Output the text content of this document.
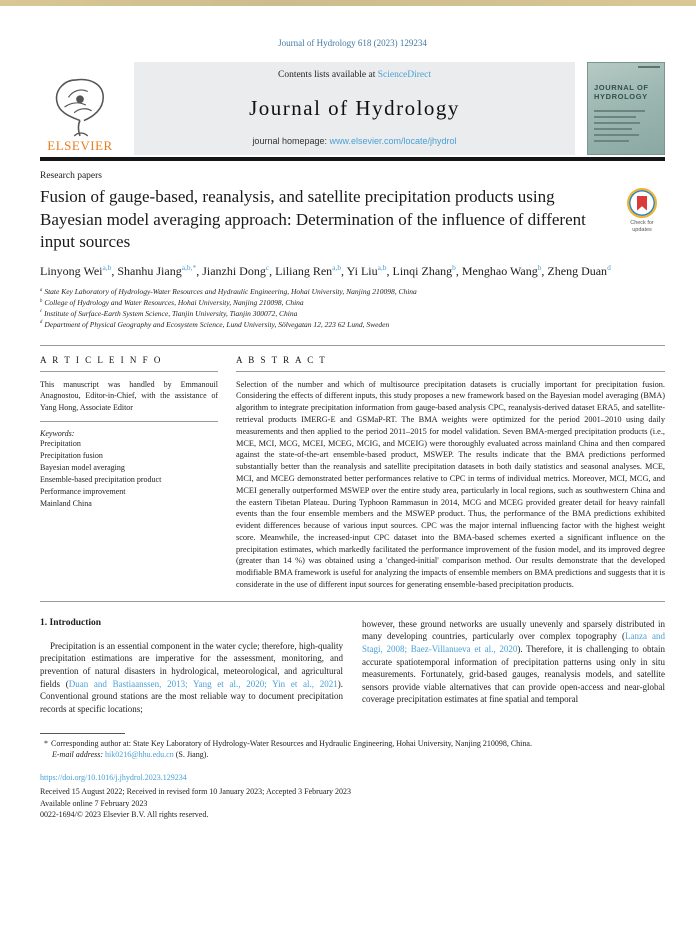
Journal of Hydrology 618 (2023) 129234
ELSEVIER
Contents lists available at ScienceDirect
Journal of Hydrology
journal homepage: www.elsevier.com/locate/jhydrol
JOURNAL OF
HYDROLOGY
Research papers
Fusion of gauge-based, reanalysis, and satellite precipitation products using Bayesian model averaging approach: Determination of the influence of different input sources
Check for
updates
Linyong Wei$^{a,b}$, Shanhu Jiang$^{a,b,*}$, Jianzhi Dong$^c$, Liliang Ren$^{a,b}$, Yi Liu$^{a,b}$, Linqi Zhang$^b$, Menghao Wang$^b$, Zheng Duan$^d$
$^a$ State Key Laboratory of Hydrology-Water Resources and Hydraulic Engineering, Hohai University, Nanjing 210098, China
$^b$ College of Hydrology and Water Resources, Hohai University, Nanjing 210098, China
$^c$ Institute of Surface-Earth System Science, Tianjin University, Tianjin 300072, China
$^d$ Department of Physical Geography and Ecosystem Science, Lund University, Sölvegatan 12, 223 62 Lund, Sweden
A R T I C L E I N F O
This manuscript was handled by Emmanouil Anagnostou, Editor-in-Chief, with the assistance of Yang Hong, Associate Editor
Keywords:
Precipitation
Precipitation fusion
Bayesian model averaging
Ensemble-based precipitation product
Performance improvement
Mainland China
A B S T R A C T
Selection of the number and which of multisource precipitation datasets is crucially important for precipitation fusion. Considering the effects of different inputs, this study proposes a new framework based on the Bayesian model averaging (BMA) algorithm to integrate precipitation information from gauge-based analysis CPC, reanalysis-derived dataset ERA5, and satellite-retrieval products IMERG-E and GSMaP-RT. The BMA weights were optimized for the period 2001–2010 using daily measurements and then applied to the period 2011–2015 for model validation. Seven BMA-merged precipitation products (i.e., MCE, MCI, MCG, MCEI, MCEG, MCIG, and MCEIG) were thoroughly evaluated across mainland China and then compared against the state-of-the-art ensemble-based product, MSWEP. The results indicate that the BMA predictions performed substantially better than the reanalysis and satellite precipitation datasets in both daily statistics and seasonal analyses. MCE, MCI, and MCEG demonstrated better performances relative to CPC in terms of individual metrics. Moreover, MCI, MCG, and MCEI generally outperformed MSWEP over the entire study area, particularly in local regions, such as southwestern China and the eastern Tibetan Plateau. During Typhoon Rammasun in 2014, MCG and MCEG provided greater detail for heavy rainfall events than the four ensemble members and the MSWEP product. Thus, the performance of the BMA predictions exhibited evident differences because of various input sources. CPC was the major internal influencing factor with the highest weight score. Meanwhile, the increased-input CPC dataset into the BMA-based schemes exerted a significant influence on the precipitation estimates, which markedly facilitated the performance improvement of the fusion model, and its improved degree (greater than 14 %) was obtained using a 'changed-initial' comparison method. Our results demonstrate that the developed modifiable BMA framework is useful for analyzing the impacts of ensemble members on BMA predictions and suggests that it is considerate in the use of different input sources for generating ensemble-based precipitation products.
1. Introduction

Precipitation is an essential component in the water cycle; therefore, high-quality precipitation estimations are imperative for the assessment, monitoring, and prevention of natural disasters in hydrological, meteorological, and agricultural fields (Duan and Bastiaanssen, 2013; Yang et al., 2020; Yin et al., 2021). Conventional ground stations are the most reliable way to document precipitation records at specific locations;

however, these ground networks are usually unevenly and sparsely distributed in many developing countries, particularly over complex topography (Lanza and Stagi, 2008; Baez-Villanueva et al., 2020). Therefore, it is challenging to obtain accurate spatiotemporal information of precipitation patterns using only in situ measurements. Fortunately, grid-based gauges, reanalysis models, and satellite sensors provide viable alternatives that can provide open-access and near-global coverage precipitation estimates at fine spatial and temporal

* Corresponding author at: State Key Laboratory of Hydrology-Water Resources and Hydraulic Engineering, Hohai University, Nanjing 210098, China.
E-mail address: hik0216@hhu.edu.cn (S. Jiang).
https://doi.org/10.1016/j.jhydrol.2023.129234
Received 15 August 2022; Received in revised form 10 January 2023; Accepted 3 February 2023
Available online 7 February 2023
0022-1694/© 2023 Elsevier B.V. All rights reserved.
